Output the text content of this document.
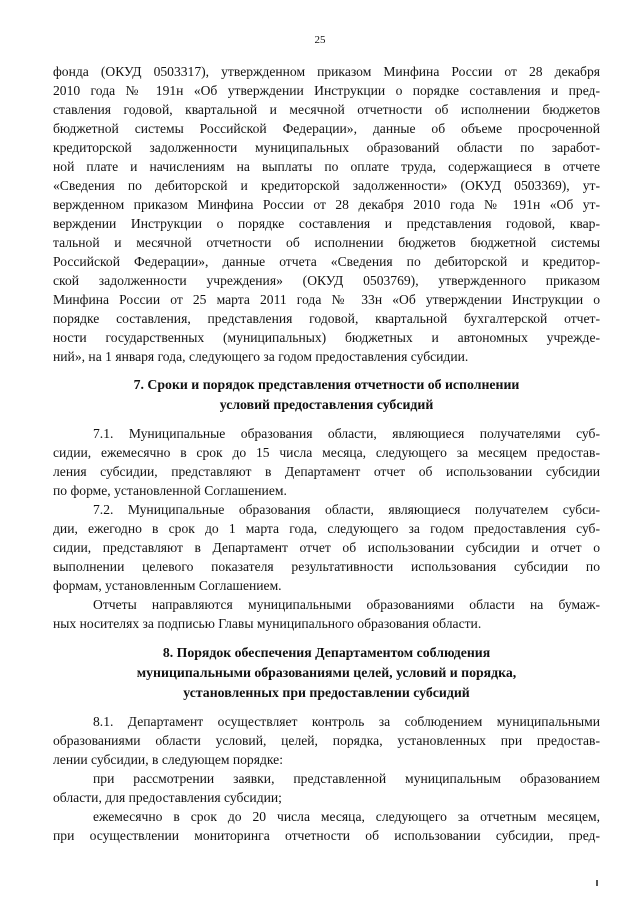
25
фонда (ОКУД 0503317), утвержденном приказом Минфина России от 28 декабря
2010 года № 191н «Об утверждении Инструкции о порядке составления и пред-
ставления годовой, квартальной и месячной отчетности об исполнении бюджетов
бюджетной системы Российской Федерации», данные об объеме просроченной
кредиторской задолженности муниципальных образований области по заработ-
ной плате и начислениям на выплаты по оплате труда, содержащиеся в отчете
«Сведения по дебиторской и кредиторской задолженности» (ОКУД 0503369), ут-
вержденном приказом Минфина России от 28 декабря 2010 года № 191н «Об ут-
верждении Инструкции о порядке составления и представления годовой, квар-
тальной и месячной отчетности об исполнении бюджетов бюджетной системы
Российской Федерации», данные отчета «Сведения по дебиторской и кредитор-
ской задолженности учреждения» (ОКУД 0503769), утвержденного приказом
Минфина России от 25 марта 2011 года № 33н «Об утверждении Инструкции о
порядке составления, представления годовой, квартальной бухгалтерской отчет-
ности государственных (муниципальных) бюджетных и автономных учрежде-
ний», на 1 января года, следующего за годом предоставления субсидии.
7. Сроки и порядок представления отчетности об исполнении
условий предоставления субсидий
7.1. Муниципальные образования области, являющиеся получателями суб-
сидии, ежемесячно в срок до 15 числа месяца, следующего за месяцем предостав-
ления субсидии, представляют в Департамент отчет об использовании субсидии
по форме, установленной Соглашением.
7.2. Муниципальные образования области, являющиеся получателем субси-
дии, ежегодно в срок до 1 марта года, следующего за годом предоставления суб-
сидии, представляют в Департамент отчет об использовании субсидии и отчет о
выполнении целевого показателя результативности использования субсидии по
формам, установленным Соглашением.
Отчеты направляются муниципальными образованиями области на бумаж-
ных носителях за подписью Главы муниципального образования области.
8. Порядок обеспечения Департаментом соблюдения
муниципальными образованиями целей, условий и порядка,
установленных при предоставлении субсидий
8.1. Департамент осуществляет контроль за соблюдением муниципальными
образованиями области условий, целей, порядка, установленных при предостав-
лении субсидии, в следующем порядке:
при рассмотрении заявки, представленной муниципальным образованием
области, для предоставления субсидии;
ежемесячно в срок до 20 числа месяца, следующего за отчетным месяцем,
при осуществлении мониторинга отчетности об использовании субсидии, пред-
